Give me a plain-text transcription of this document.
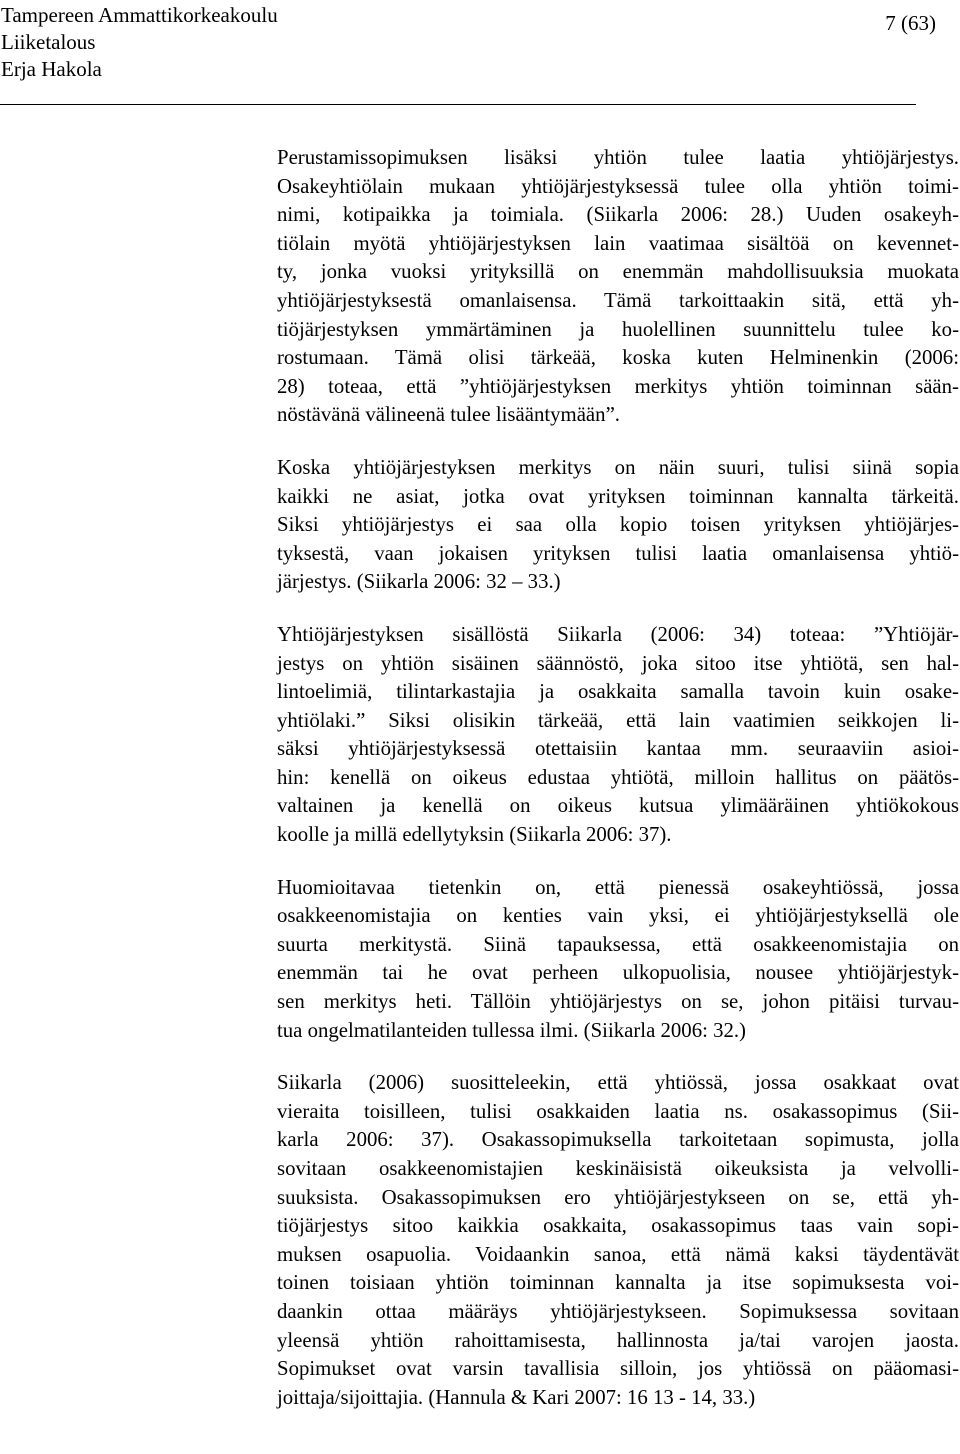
Tampereen Ammattikorkeakoulu
Liiketalous
Erja Hakola
7 (63)
Perustamissopimuksen lisäksi yhtiön tulee laatia yhtiöjärjestys.
Osakeyhtiölain mukaan yhtiöjärjestyksessä tulee olla yhtiön toimi-
nimi, kotipaikka ja toimiala. (Siikarla 2006: 28.) Uuden osakeyh-
tiölain myötä yhtiöjärjestyksen lain vaatimaa sisältöä on kevennet-
ty, jonka vuoksi yrityksillä on enemmän mahdollisuuksia muokata
yhtiöjärjestyksestä omanlaisensa. Tämä tarkoittaakin sitä, että yh-
tiöjärjestyksen ymmärtäminen ja huolellinen suunnittelu tulee ko-
rostumaan. Tämä olisi tärkeää, koska kuten Helminenkin (2006:
28) toteaa, että ”yhtiöjärjestyksen merkitys yhtiön toiminnan sään-
nöstävänä välineenä tulee lisääntymään”.
Koska yhtiöjärjestyksen merkitys on näin suuri, tulisi siinä sopia
kaikki ne asiat, jotka ovat yrityksen toiminnan kannalta tärkeitä.
Siksi yhtiöjärjestys ei saa olla kopio toisen yrityksen yhtiöjärjes-
tyksestä, vaan jokaisen yrityksen tulisi laatia omanlaisensa yhtiö-
järjestys. (Siikarla 2006: 32 – 33.)
Yhtiöjärjestyksen sisällöstä Siikarla (2006: 34) toteaa: ”Yhtiöjär-
jestys on yhtiön sisäinen säännöstö, joka sitoo itse yhtiötä, sen hal-
lintoelimiä, tilintarkastajia ja osakkaita samalla tavoin kuin osake-
yhtiölaki.” Siksi olisikin tärkeää, että lain vaatimien seikkojen li-
säksi yhtiöjärjestyksessä otettaisiin kantaa mm. seuraaviin asioi-
hin: kenellä on oikeus edustaa yhtiötä, milloin hallitus on päätös-
valtainen ja kenellä on oikeus kutsua ylimääräinen yhtiökokous
koolle ja millä edellytyksin (Siikarla 2006: 37).
Huomioitavaa tietenkin on, että pienessä osakeyhtiössä, jossa
osakkeenomistajia on kenties vain yksi, ei yhtiöjärjestyksellä ole
suurta merkitystä. Siinä tapauksessa, että osakkeenomistajia on
enemmän tai he ovat perheen ulkopuolisia, nousee yhtiöjärjestyk-
sen merkitys heti. Tällöin yhtiöjärjestys on se, johon pitäisi turvau-
tua ongelmatilanteiden tullessa ilmi. (Siikarla 2006: 32.)
Siikarla (2006) suosittelee​kin, että yhtiössä, jossa osakkaat ovat
vieraita toisilleen, tulisi osakkaiden laatia ns. osakassopimus (Sii-
karla 2006: 37). Osakassopimuksella tarkoitetaan sopimusta, jolla
sovitaan osakkeenomistajien keskinäisistä oikeuksista ja velvolli-
suuksista. Osakassopimuksen ero yhtiöjärjestykseen on se, että yh-
tiöjärjestys sitoo kaikkia osakkaita, osakassopimus taas vain sopi-
muksen osapuolia. Voidaankin sanoa, että nämä kaksi täydentävät
toinen toisiaan yhtiön toiminnan kannalta ja itse sopimuksesta voi-
daankin ottaa määräys yhtiöjärjestykseen. Sopimuksessa sovitaan
yleensä yhtiön rahoittamisesta, hallinnosta ja/tai varojen jaosta.
Sopimukset ovat varsin tavallisia silloin, jos yhtiössä on pääomasi-
joittaja/sijoittajia. (Hannula & Kari 2007: 16 13 - 14, 33.)
